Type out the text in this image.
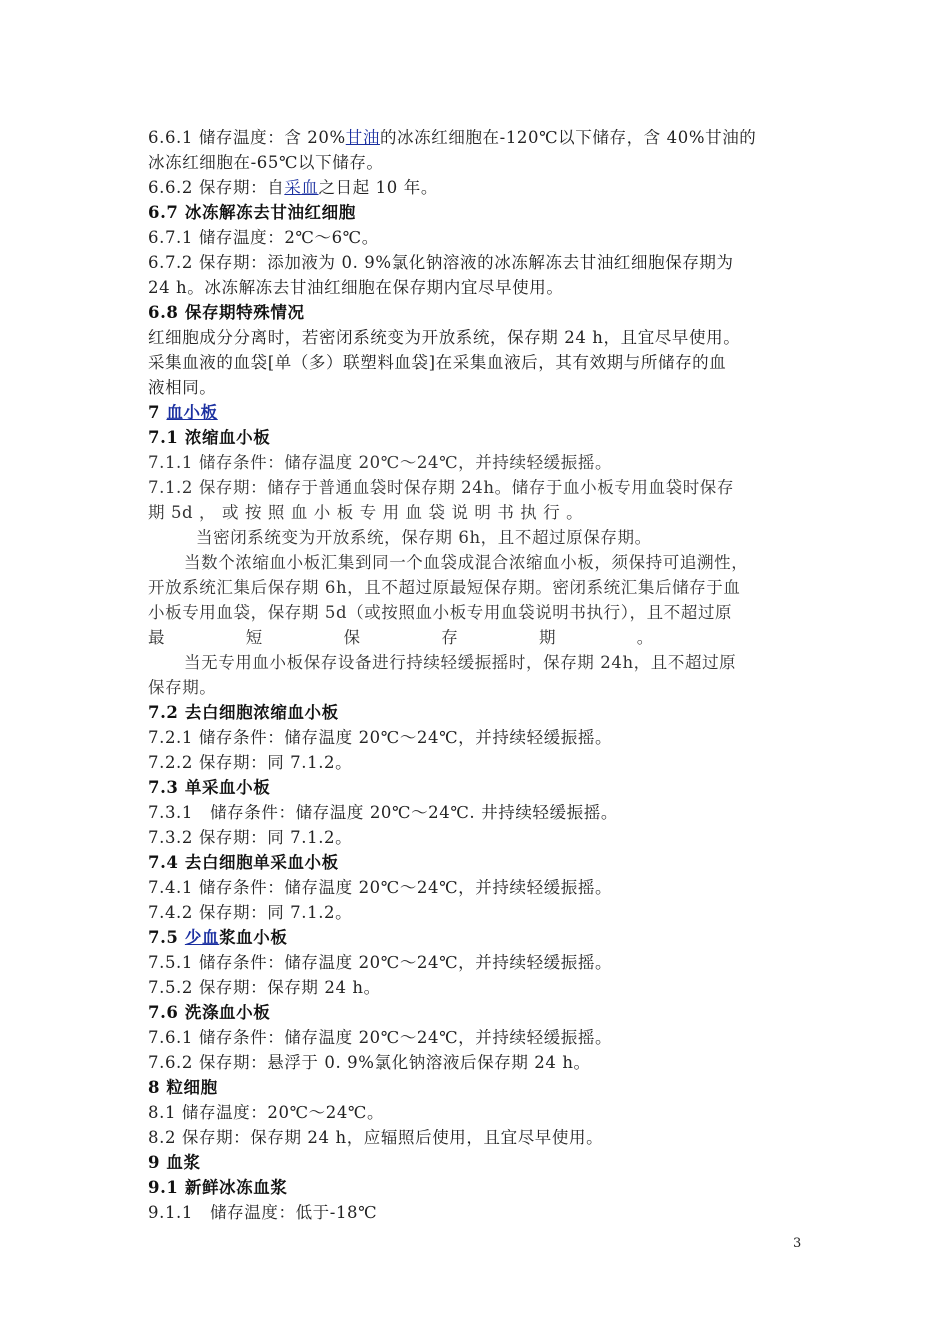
6.6.1 储存温度：含 20%甘油的冰冻红细胞在-120℃以下储存，含 40%甘油的
冰冻红细胞在-65℃以下储存。
6.6.2 保存期：自采血之日起 10 年。
6.7 冰冻解冻去甘油红细胞
6.7.1 储存温度：2℃～6℃。
6.7.2 保存期：添加液为 0. 9%氯化钠溶液的冰冻解冻去甘油红细胞保存期为
24 h。冰冻解冻去甘油红细胞在保存期内宜尽早使用。
6.8 保存期特殊情况
红细胞成分分离时，若密闭系统变为开放系统，保存期 24 h，且宜尽早使用。
采集血液的血袋[单（多）联塑料血袋]在采集血液后，其有效期与所储存的血
液相同。
7 血小板
7.1 浓缩血小板
7.1.1 储存条件：储存温度 20℃～24℃，并持续轻缓振摇。
7.1.2 保存期：储存于普通血袋时保存期 24h。储存于血小板专用血袋时保存
期 5d ， 或 按 照 血 小 板 专 用 血 袋 说 明 书 执 行 。
当密闭系统变为开放系统，保存期 6h，且不超过原保存期。
当数个浓缩血小板汇集到同一个血袋成混合浓缩血小板，须保持可追溯性，
开放系统汇集后保存期 6h，且不超过原最短保存期。密闭系统汇集后储存于血
小板专用血袋，保存期 5d（或按照血小板专用血袋说明书执行），且不超过原
最 短 保 存 期 。
当无专用血小板保存设备进行持续轻缓振摇时，保存期 24h，且不超过原
保存期。
7.2 去白细胞浓缩血小板
7.2.1 储存条件：储存温度 20℃～24℃，并持续轻缓振摇。
7.2.2 保存期：同 7.1.2。
7.3 单采血小板
7.3.1　储存条件：储存温度 20℃～24℃. 井持续轻缓振摇。
7.3.2 保存期：同 7.1.2。
7.4 去白细胞单采血小板
7.4.1 储存条件：储存温度 20℃～24℃，并持续轻缓振摇。
7.4.2 保存期：同 7.1.2。
7.5 少血浆血小板
7.5.1 储存条件：储存温度 20℃～24℃，并持续轻缓振摇。
7.5.2 保存期：保存期 24 h。
7.6 洗涤血小板
7.6.1 储存条件：储存温度 20℃～24℃，并持续轻缓振摇。
7.6.2 保存期：悬浮于 0. 9%氯化钠溶液后保存期 24 h。
8 粒细胞
8.1 储存温度：20℃～24℃。
8.2 保存期：保存期 24 h，应辐照后使用，且宜尽早使用。
9 血浆
9.1 新鲜冰冻血浆
9.1.1　储存温度：低于-18℃
3
